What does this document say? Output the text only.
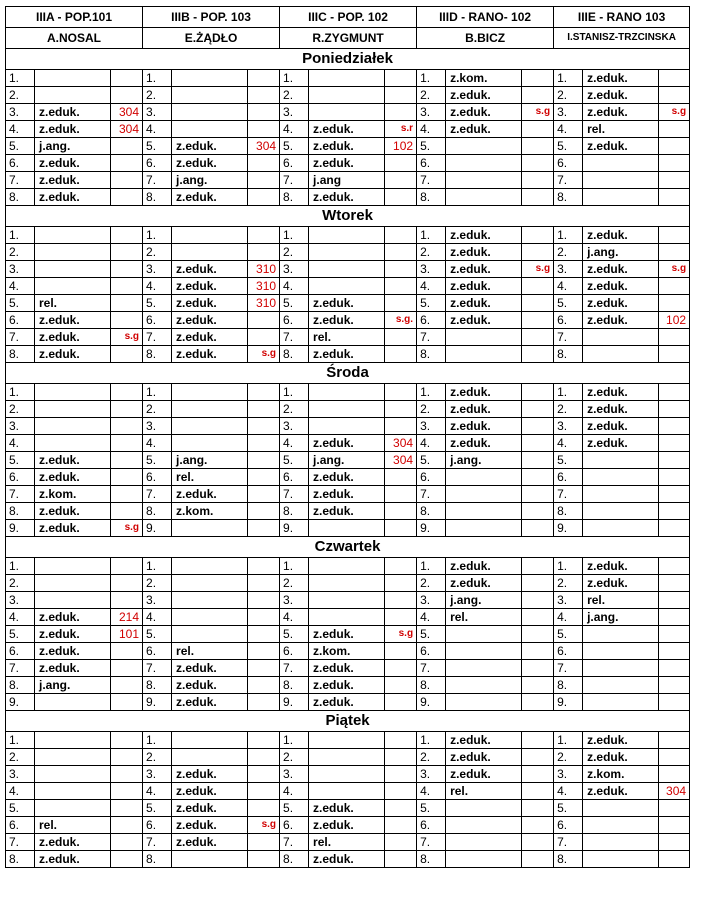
IIIA - POP.101			IIIB - POP. 103			IIIC - POP. 102			IIID - RANO- 102			IIIE - RANO 103		
A.NOSAL			E.ŻĄDŁO			R.ZYGMUNT			B.BICZ			I.STANISZ-TRZCINSKA		
Poniedziałek														
1.			1.			1.			1.	z.kom.		1.	z.eduk.	
2.			2.			2.			2.	z.eduk.		2.	z.eduk.	
3.	z.eduk.	304	3.			3.			3.	z.eduk.	s.g	3.	z.eduk.	s.g
4.	z.eduk.	304	4.			4.	z.eduk.	s.r	4.	z.eduk.		4.	rel.	
5.	j.ang.		5.	z.eduk.	304	5.	z.eduk.	102	5.			5.	z.eduk.	
6.	z.eduk.		6.	z.eduk.		6.	z.eduk.		6.			6.		
7.	z.eduk.		7.	j.ang.		7.	j.ang		7.			7.		
8.	z.eduk.		8.	z.eduk.		8.	z.eduk.		8.			8.		
Wtorek														
1.			1.			1.			1.	z.eduk.		1.	z.eduk.	
2.			2.			2.			2.	z.eduk.		2.	j.ang.	
3.			3.	z.eduk.	310	3.			3.	z.eduk.	s.g	3.	z.eduk.	s.g
4.			4.	z.eduk.	310	4.			4.	z.eduk.		4.	z.eduk.	
5.	rel.		5.	z.eduk.	310	5.	z.eduk.		5.	z.eduk.		5.	z.eduk.	
6.	z.eduk.		6.	z.eduk.		6.	z.eduk.	s.g.	6.	z.eduk.		6.	z.eduk.	102
7.	z.eduk.	s.g	7.	z.eduk.		7.	rel.		7.			7.		
8.	z.eduk.		8.	z.eduk.	s.g	8.	z.eduk.		8.			8.		
Środa														
1.			1.			1.			1.	z.eduk.		1.	z.eduk.	
2.			2.			2.			2.	z.eduk.		2.	z.eduk.	
3.			3.			3.			3.	z.eduk.		3.	z.eduk.	
4.			4.			4.	z.eduk.	304	4.	z.eduk.		4.	z.eduk.	
5.	z.eduk.		5.	j.ang.		5.	j.ang.	304	5.	j.ang.		5.		
6.	z.eduk.		6.	rel.		6.	z.eduk.		6.			6.		
7.	z.kom.		7.	z.eduk.		7.	z.eduk.		7.			7.		
8.	z.eduk.		8.	z.kom.		8.	z.eduk.		8.			8.		
9.	z.eduk.	s.g	9.			9.			9.			9.		
Czwartek														
1.			1.			1.			1.	z.eduk.		1.	z.eduk.	
2.			2.			2.			2.	z.eduk.		2.	z.eduk.	
3.			3.			3.			3.	j.ang.		3.	rel.	
4.	z.eduk.	214	4.			4.			4.	rel.		4.	j.ang.	
5.	z.eduk.	101	5.			5.	z.eduk.	s.g	5.			5.		
6.	z.eduk.		6.	rel.		6.	z.kom.		6.			6.		
7.	z.eduk.		7.	z.eduk.		7.	z.eduk.		7.			7.		
8.	j.ang.		8.	z.eduk.		8.	z.eduk.		8.			8.		
9.			9.	z.eduk.		9.	z.eduk.		9.			9.		
Piątek														
1.			1.			1.			1.	z.eduk.		1.	z.eduk.	
2.			2.			2.			2.	z.eduk.		2.	z.eduk.	
3.			3.	z.eduk.		3.			3.	z.eduk.		3.	z.kom.	
4.			4.	z.eduk.		4.			4.	rel.		4.	z.eduk.	304
5.			5.	z.eduk.		5.	z.eduk.		5.			5.		
6.	rel.		6.	z.eduk.	s.g	6.	z.eduk.		6.			6.		
7.	z.eduk.		7.	z.eduk.		7.	rel.		7.			7.		
8.	z.eduk.		8.			8.	z.eduk.		8.			8.		
